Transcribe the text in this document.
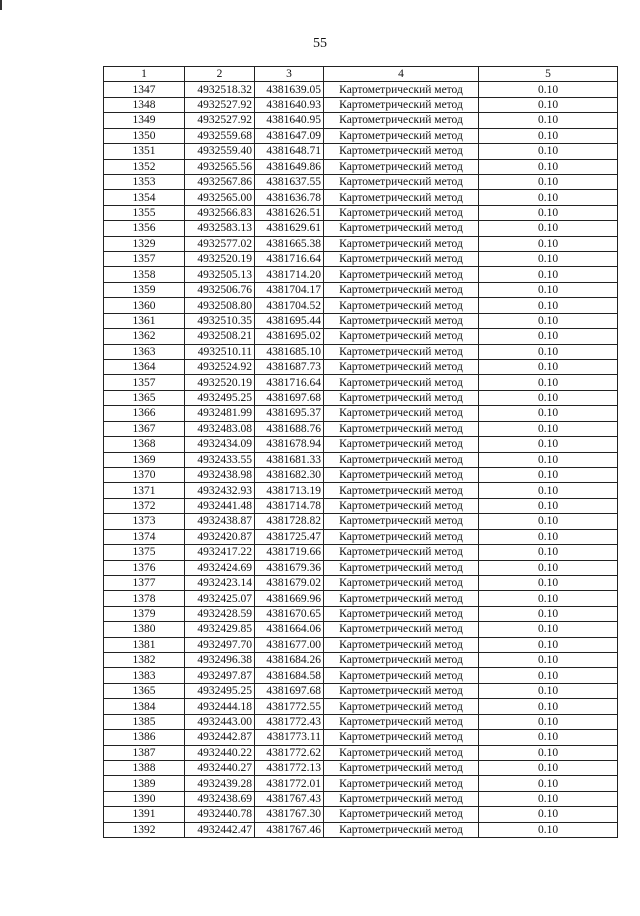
55
1	2	3	4	5
1347	4932518.32	4381639.05	Картометрический метод	0.10
1348	4932527.92	4381640.93	Картометрический метод	0.10
1349	4932527.92	4381640.95	Картометрический метод	0.10
1350	4932559.68	4381647.09	Картометрический метод	0.10
1351	4932559.40	4381648.71	Картометрический метод	0.10
1352	4932565.56	4381649.86	Картометрический метод	0.10
1353	4932567.86	4381637.55	Картометрический метод	0.10
1354	4932565.00	4381636.78	Картометрический метод	0.10
1355	4932566.83	4381626.51	Картометрический метод	0.10
1356	4932583.13	4381629.61	Картометрический метод	0.10
1329	4932577.02	4381665.38	Картометрический метод	0.10
1357	4932520.19	4381716.64	Картометрический метод	0.10
1358	4932505.13	4381714.20	Картометрический метод	0.10
1359	4932506.76	4381704.17	Картометрический метод	0.10
1360	4932508.80	4381704.52	Картометрический метод	0.10
1361	4932510.35	4381695.44	Картометрический метод	0.10
1362	4932508.21	4381695.02	Картометрический метод	0.10
1363	4932510.11	4381685.10	Картометрический метод	0.10
1364	4932524.92	4381687.73	Картометрический метод	0.10
1357	4932520.19	4381716.64	Картометрический метод	0.10
1365	4932495.25	4381697.68	Картометрический метод	0.10
1366	4932481.99	4381695.37	Картометрический метод	0.10
1367	4932483.08	4381688.76	Картометрический метод	0.10
1368	4932434.09	4381678.94	Картометрический метод	0.10
1369	4932433.55	4381681.33	Картометрический метод	0.10
1370	4932438.98	4381682.30	Картометрический метод	0.10
1371	4932432.93	4381713.19	Картометрический метод	0.10
1372	4932441.48	4381714.78	Картометрический метод	0.10
1373	4932438.87	4381728.82	Картометрический метод	0.10
1374	4932420.87	4381725.47	Картометрический метод	0.10
1375	4932417.22	4381719.66	Картометрический метод	0.10
1376	4932424.69	4381679.36	Картометрический метод	0.10
1377	4932423.14	4381679.02	Картометрический метод	0.10
1378	4932425.07	4381669.96	Картометрический метод	0.10
1379	4932428.59	4381670.65	Картометрический метод	0.10
1380	4932429.85	4381664.06	Картометрический метод	0.10
1381	4932497.70	4381677.00	Картометрический метод	0.10
1382	4932496.38	4381684.26	Картометрический метод	0.10
1383	4932497.87	4381684.58	Картометрический метод	0.10
1365	4932495.25	4381697.68	Картометрический метод	0.10
1384	4932444.18	4381772.55	Картометрический метод	0.10
1385	4932443.00	4381772.43	Картометрический метод	0.10
1386	4932442.87	4381773.11	Картометрический метод	0.10
1387	4932440.22	4381772.62	Картометрический метод	0.10
1388	4932440.27	4381772.13	Картометрический метод	0.10
1389	4932439.28	4381772.01	Картометрический метод	0.10
1390	4932438.69	4381767.43	Картометрический метод	0.10
1391	4932440.78	4381767.30	Картометрический метод	0.10
1392	4932442.47	4381767.46	Картометрический метод	0.10
